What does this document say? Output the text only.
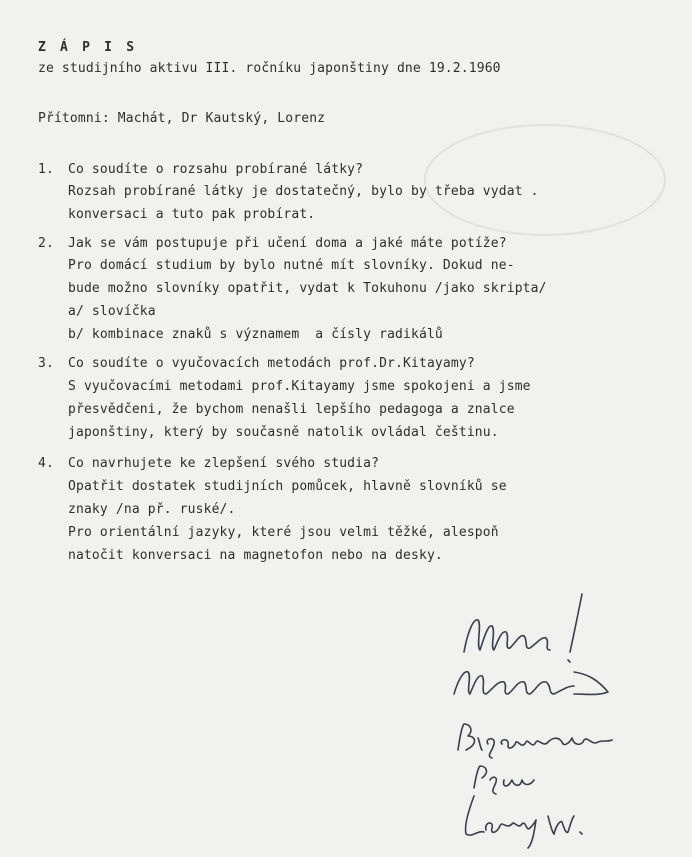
Z Á P I S
ze studijního aktivu III. ročníku japonštiny dne 19.2.1960
Přítomni: Machát, Dr Kautský, Lorenz
1. Co soudíte o rozsahu probírané látky?
Rozsah probírané látky je dostatečný, bylo by třeba vydat .
konversaci a tuto pak probírat.
2. Jak se vám postupuje při učení doma a jaké máte potíže?
Pro domácí studium by bylo nutné mít slovníky. Dokud ne-
bude možno slovníky opatřit, vydat k Tokuhonu /jako skripta/
a/ slovíčka
b/ kombinace znaků s významem  a čísly radikálů
3. Co soudíte o vyučovacích metodách prof.Dr.Kitayamy?
S vyučovacími metodami prof.Kitayamy jsme spokojeni a jsme
přesvědčeni, že bychom nenašli lepšího pedagoga a znalce
japonštiny, který by současně natolik ovládal češtinu.
4. Co navrhujete ke zlepšení svého studia?
Opatřit dostatek studijních pomůcek, hlavně slovníků se
znaky /na př. ruské/.
Pro orientální jazyky, které jsou velmi těžké, alespoň
natočit konversaci na magnetofon nebo na desky.
